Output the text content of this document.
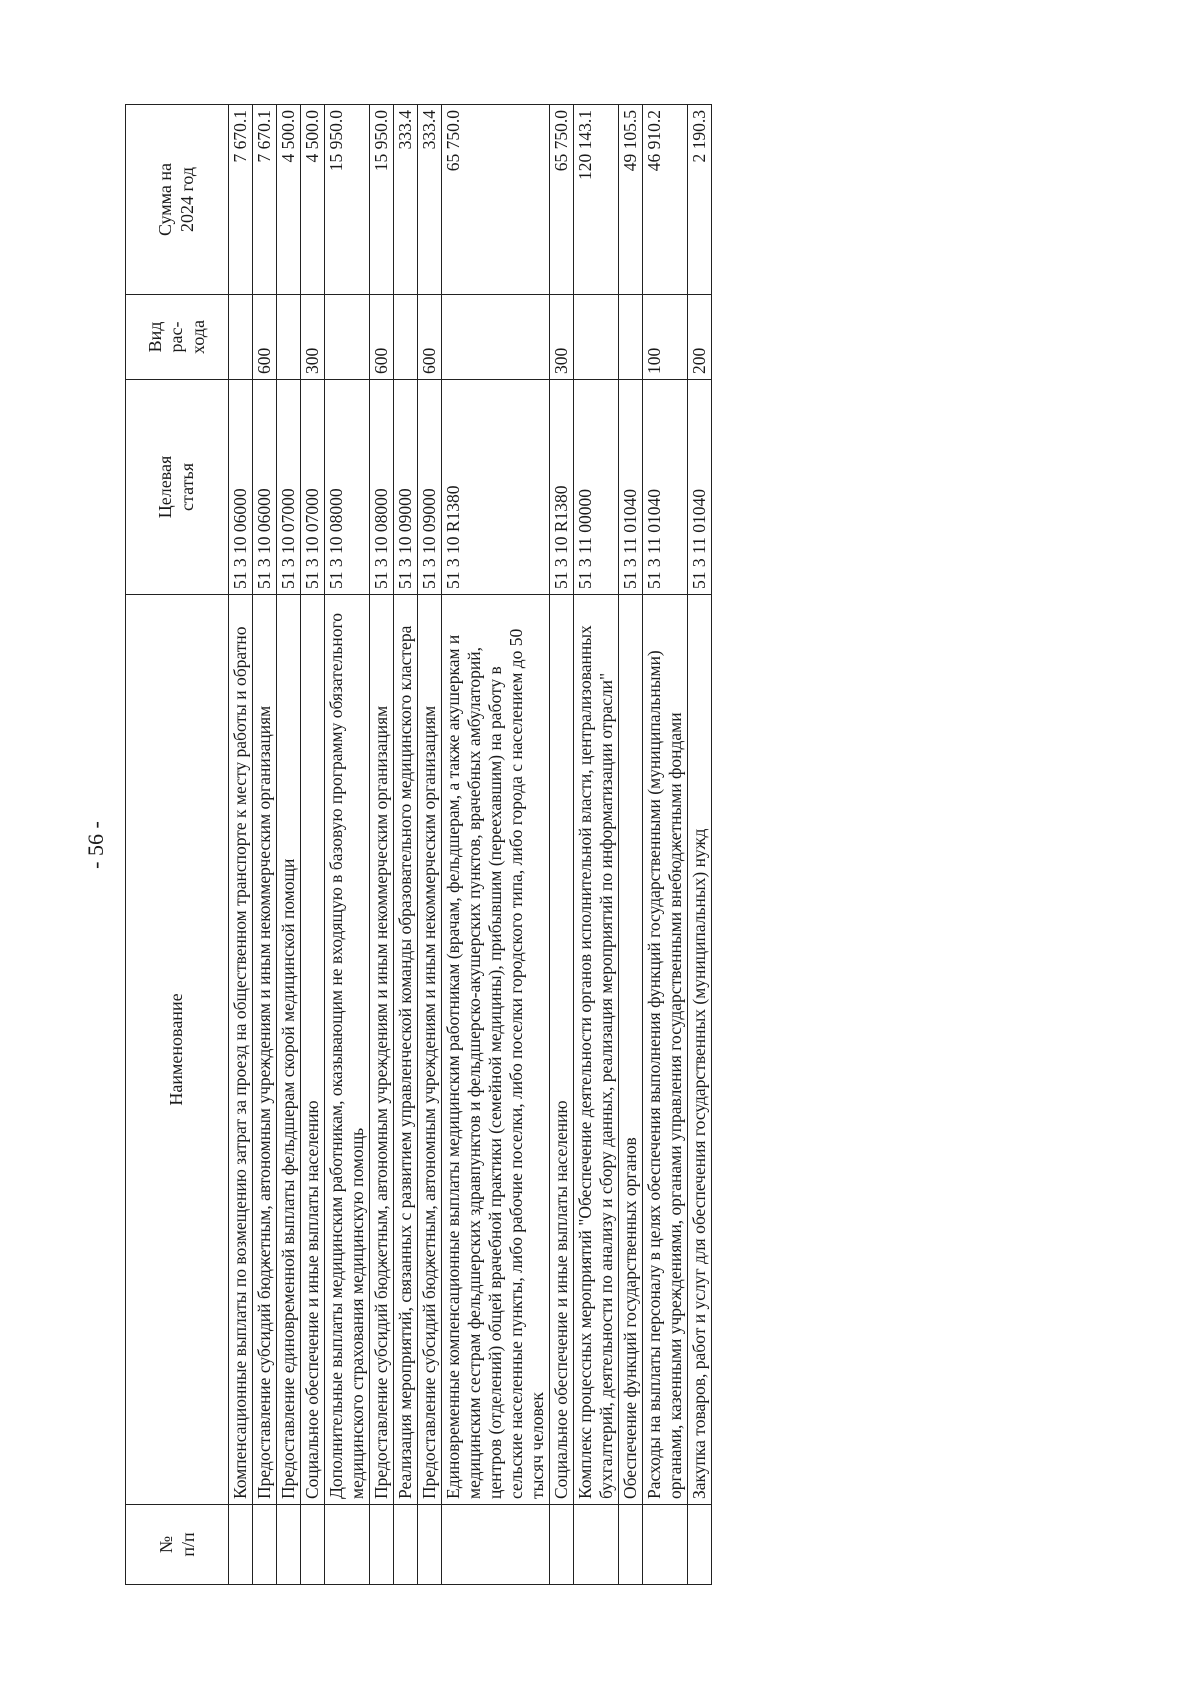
- 56 -
№ п/п	Наименование	Целевая статья	Вид рас- хода	Сумма на 2024 год

	Компенсационные выплаты по возмещению затрат за проезд на общественном транспорте к месту работы и обратно	51 3 10 06000		7 670.1
	Предоставление субсидий бюджетным, автономным учреждениям и иным некоммерческим организациям	51 3 10 06000	600	7 670.1
	Предоставление единовременной выплаты фельдшерам скорой медицинской помощи	51 3 10 07000		4 500.0
	Социальное обеспечение и иные выплаты населению	51 3 10 07000	300	4 500.0
	Дополнительные выплаты медицинским работникам, оказывающим не входящую в базовую программу обязательного медицинского страхования медицинскую помощь	51 3 10 08000		15 950.0
	Предоставление субсидий бюджетным, автономным учреждениям и иным некоммерческим организациям	51 3 10 08000	600	15 950.0
	Реализация мероприятий, связанных с развитием управленческой команды образовательного медицинского кластера	51 3 10 09000		333.4
	Предоставление субсидий бюджетным, автономным учреждениям и иным некоммерческим организациям	51 3 10 09000	600	333.4
	Единовременные компенсационные выплаты медицинским работникам (врачам, фельдшерам, а также акушеркам и медицинским сестрам фельдшерских здравпунктов и фельдшерско-акушерских пунктов, врачебных амбулаторий, центров (отделений) общей врачебной практики (семейной медицины), прибывшим (переехавшим) на работу в сельские населенные пункты, либо рабочие поселки, либо поселки городского типа, либо города с населением до 50 тысяч человек	51 3 10 R1380		65 750.0
	Социальное обеспечение и иные выплаты населению	51 3 10 R1380	300	65 750.0
	Комплекс процессных мероприятий "Обеспечение деятельности органов исполнительной власти, централизованных бухгалтерий, деятельности по анализу и сбору данных, реализация мероприятий по информатизации отрасли"	51 3 11 00000		120 143.1
	Обеспечение функций государственных органов	51 3 11 01040		49 105.5
	Расходы на выплаты персоналу в целях обеспечения выполнения функций государственными (муниципальными) органами, казенными учреждениями, органами управления государственными внебюджетными фондами	51 3 11 01040	100	46 910.2
	Закупка товаров, работ и услуг для обеспечения государственных (муниципальных) нужд	51 3 11 01040	200	2 190.3
